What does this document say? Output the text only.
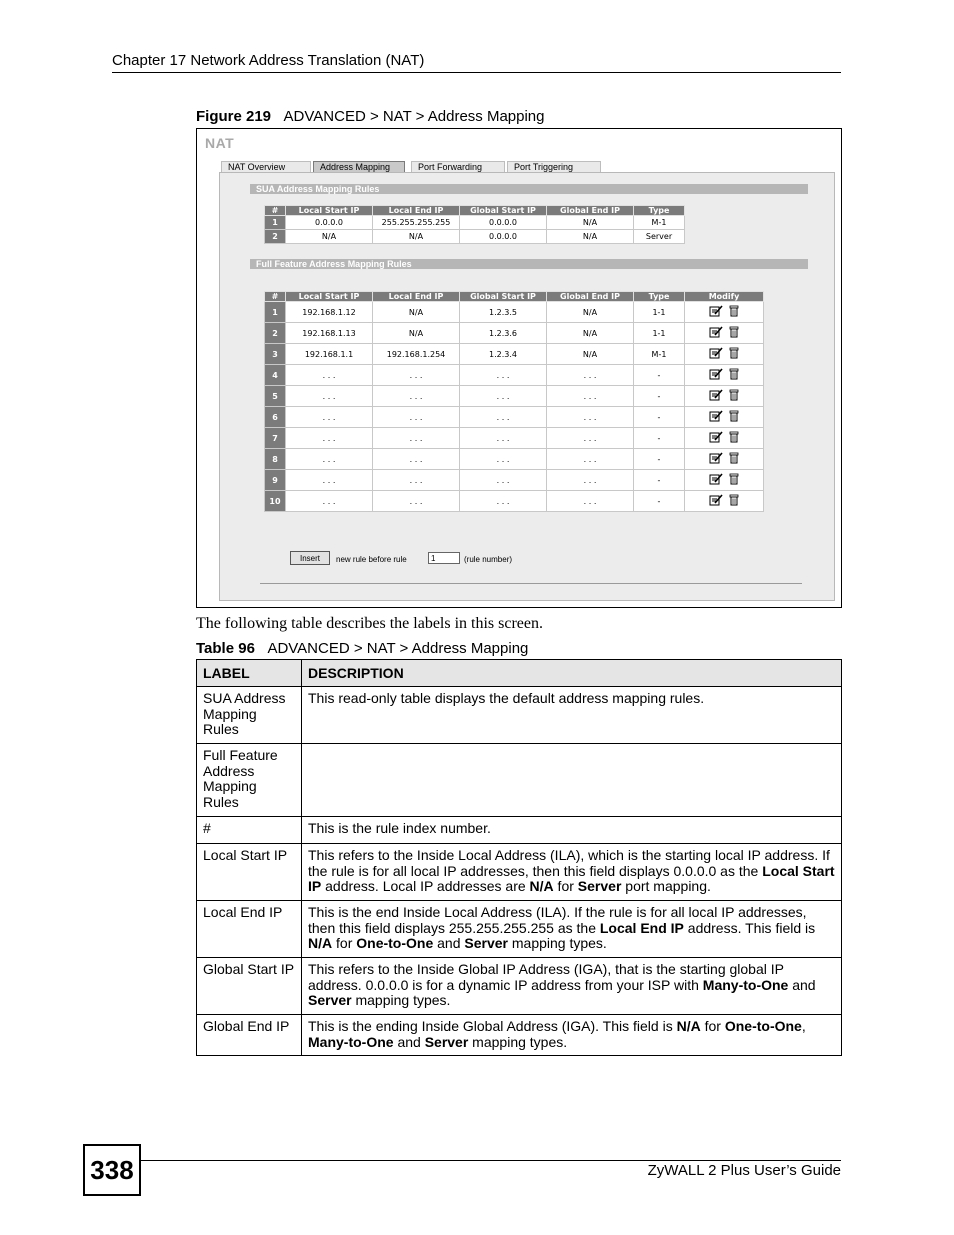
Chapter 17 Network Address Translation (NAT)
Figure 219 ADVANCED > NAT > Address Mapping
NAT
NAT Overview	Address Mapping	Port Forwarding	Port Triggering
SUA Address Mapping Rules
#	Local Start IP	Local End IP	Global Start IP	Global End IP	Type
1	0.0.0.0	255.255.255.255	0.0.0.0	N/A	M-1
2	N/A	N/A	0.0.0.0	N/A	Server
Full Feature Address Mapping Rules
#	Local Start IP	Local End IP	Global Start IP	Global End IP	Type	Modify
1	192.168.1.12	N/A	1.2.3.5	N/A	1-1	
2	192.168.1.13	N/A	1.2.3.6	N/A	1-1	
3	192.168.1.1	192.168.1.254	1.2.3.4	N/A	M-1	
4	. . .	. . .	. . .	. . .	-	
5	. . .	. . .	. . .	. . .	-	
6	. . .	. . .	. . .	. . .	-	
7	. . .	. . .	. . .	. . .	-	
8	. . .	. . .	. . .	. . .	-	
9	. . .	. . .	. . .	. . .	-	
10	. . .	. . .	. . .	. . .	-	
Insert	new rule before rule	1	(rule number)
The following table describes the labels in this screen.
Table 96 ADVANCED > NAT > Address Mapping
LABEL	DESCRIPTION
SUA Address Mapping Rules	This read-only table displays the default address mapping rules.
Full Feature Address Mapping Rules	
#	This is the rule index number.
Local Start IP	This refers to the Inside Local Address (ILA), which is the starting local IP address. If the rule is for all local IP addresses, then this field displays 0.0.0.0 as the Local Start IP address. Local IP addresses are N/A for Server port mapping.
Local End IP	This is the end Inside Local Address (ILA). If the rule is for all local IP addresses, then this field displays 255.255.255.255 as the Local End IP address. This field is N/A for One-to-One and Server mapping types.
Global Start IP	This refers to the Inside Global IP Address (IGA), that is the starting global IP address. 0.0.0.0 is for a dynamic IP address from your ISP with Many-to-One and Server mapping types.
Global End IP	This is the ending Inside Global Address (IGA). This field is N/A for One-to-One, Many-to-One and Server mapping types.
338	ZyWALL 2 Plus User’s Guide
